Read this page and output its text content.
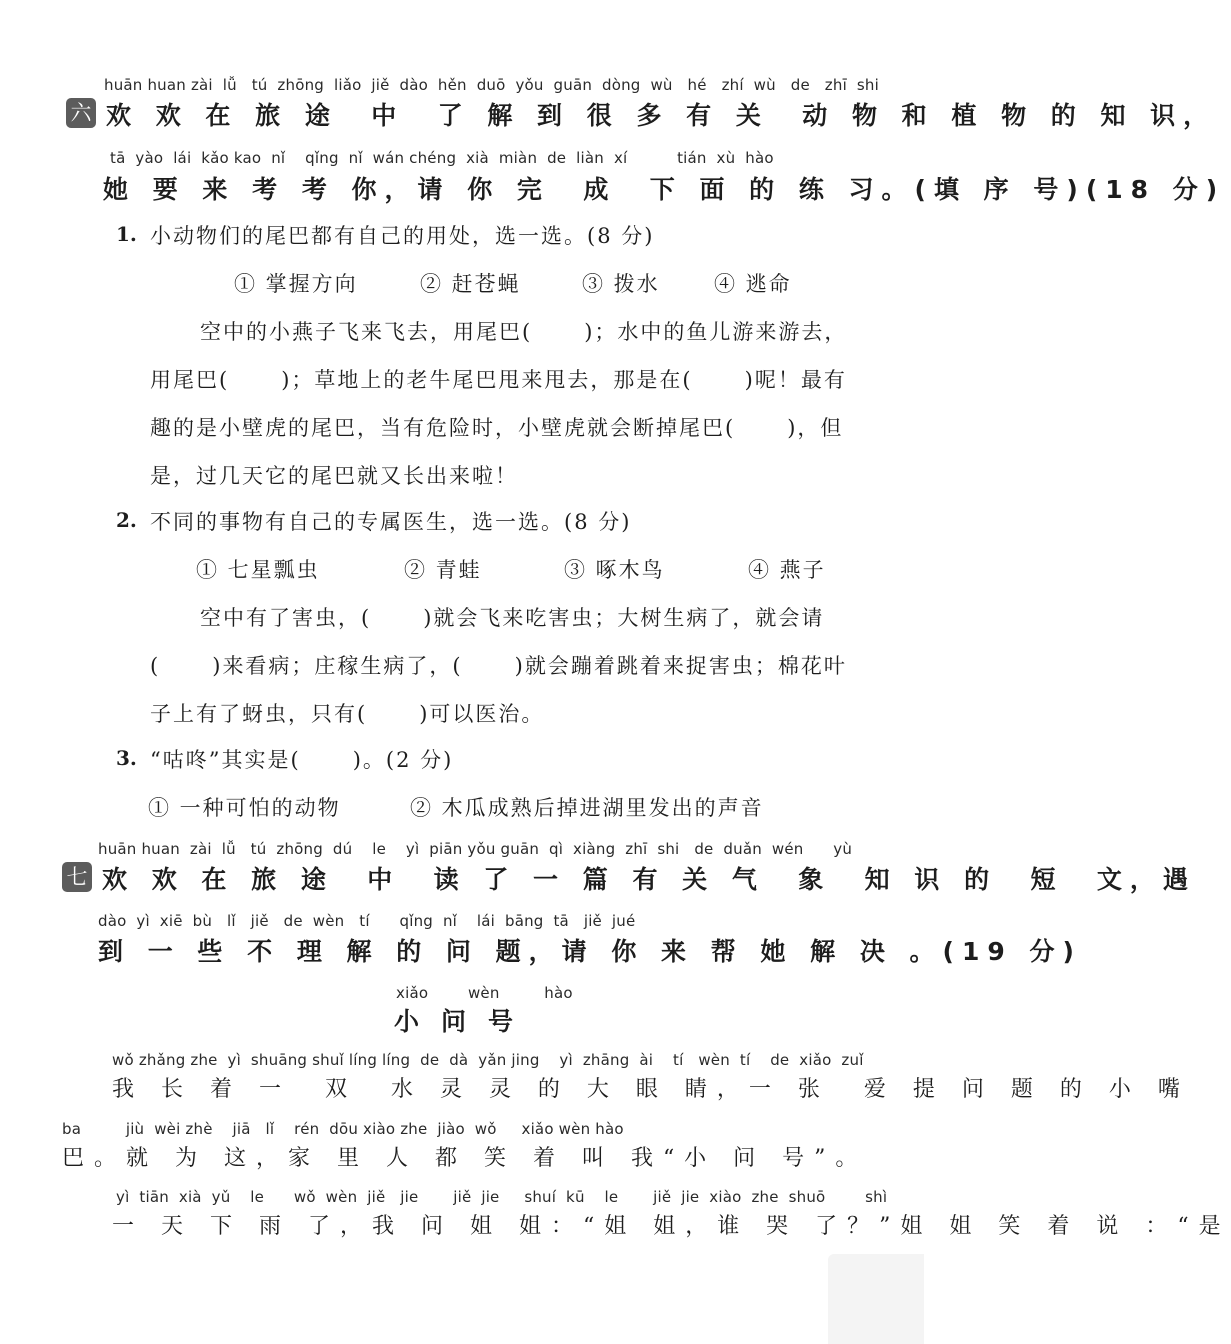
huān huan zài  lǚ   tú  zhōng  liǎo  jiě  dào  hěn  duō  yǒu  guān  dòng  wù   hé   zhí  wù   de   zhī  shi
六 欢 欢 在 旅 途  中  了 解 到 很 多 有 关  动 物 和 植 物 的 知 识，
tā  yào  lái  kǎo kao  nǐ    qǐng  nǐ  wán chéng  xià  miàn  de  liàn  xí          tián  xù  hào
她 要 来 考 考 你，请 你 完  成  下 面 的 练 习。(填 序 号)(18 分)
1. 小动物们的尾巴都有自己的用处，选一选。(8 分)
① 掌握方向	② 赶苍蝇	③ 拨水	④ 逃命
空中的小燕子飞来飞去，用尾巴(      )；水中的鱼儿游来游去，
用尾巴(      )；草地上的老牛尾巴甩来甩去，那是在(      )呢！最有
趣的是小壁虎的尾巴，当有危险时，小壁虎就会断掉尾巴(      )，但
是，过几天它的尾巴就又长出来啦！
2. 不同的事物有自己的专属医生，选一选。(8 分)
① 七星瓢虫	② 青蛙	③ 啄木鸟	④ 燕子
空中有了害虫，(      )就会飞来吃害虫；大树生病了，就会请
(      )来看病；庄稼生病了，(      )就会蹦着跳着来捉害虫；棉花叶
子上有了蚜虫，只有(      )可以医治。
3. “咕咚”其实是(      )。(2 分)
① 一种可怕的动物	② 木瓜成熟后掉进湖里发出的声音
huān huan  zài  lǚ   tú  zhōng  dú    le    yì  piān yǒu guān  qì  xiàng  zhī  shi   de  duǎn  wén      yù
七 欢 欢 在 旅 途  中  读 了 一 篇 有 关 气  象  知 识 的  短  文，遇
dào  yì  xiē  bù   lǐ   jiě   de  wèn   tí      qǐng  nǐ    lái  bāng  tā   jiě  jué
到 一 些 不 理 解 的 问 题，请 你 来 帮 她 解 决 。(19 分)
xiǎo        wèn         hào
小问号
wǒ zhǎng zhe  yì  shuāng shuǐ líng líng  de  dà  yǎn jing    yì  zhāng  ài    tí   wèn  tí    de  xiǎo  zuǐ
我 长 着 一  双  水 灵 灵 的 大 眼 睛，一 张  爱 提 问 题 的 小 嘴
ba         jiù  wèi zhè    jiā   lǐ    rén  dōu xiào zhe  jiào  wǒ     xiǎo wèn hào
巴。就 为 这，家 里 人 都 笑 着 叫 我“小 问 号”。
yì  tiān  xià  yǔ    le      wǒ  wèn  jiě   jie       jiě  jie     shuí  kū    le       jiě  jie  xiào  zhe  shuō        shì
一 天 下 雨 了，我 问 姐 姐：“姐 姐，谁 哭 了？”姐 姐 笑 着 说 ：“是
